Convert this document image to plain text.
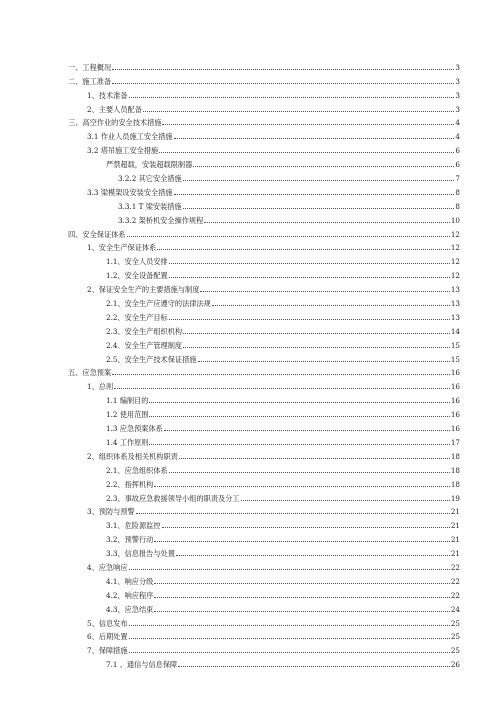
一、工程概况	3
二、施工准备	3
1、技术准备	3
2、主要人员配备	3
三、高空作业的安全技术措施	4
3.1 作业人员施工安全措施	4
3.2 塔吊施工安全措施	6
严禁超载，安装超载限制器	6
3.2.2 其它安全措施	7
3.3 梁模架设安装安全措施	8
3.3.1 T 梁安装措施	8
3.3.2 架桥机安全操作规程	10
四、安全保证体系	12
1、安全生产保证体系	12
1.1、安全人员安排	12
1.2、安全设备配置	12
2、保证安全生产的主要措施与制度	13
2.1、安全生产应遵守的法律法规	13
2.2、安全生产目标	13
2.3、安全生产组织机构	14
2.4、安全生产管理制度	15
2.5、安全生产技术保证措施	15
五、应急预案	16
1、总则	16
1.1 编制目的	16
1.2 使用范围	16
1.3 应急预案体系	16
1.4 工作原则	17
2、组织体系及相关机构职责	18
2.1、应急组织体系	18
2.2、指挥机构	18
2.3、事故应急救援领导小组的职责及分工	19
3、预防与预警	21
3.1、危险源监控	21
3.2、预警行动	21
3.3、信息报告与处置	21
4、应急响应	22
4.1、响应分级	22
4.2、响应程序	22
4.3、应急结束	24
5、信息发布	25
6、后期处置	25
7、保障措施	25
7.1 、通信与信息保障	26
